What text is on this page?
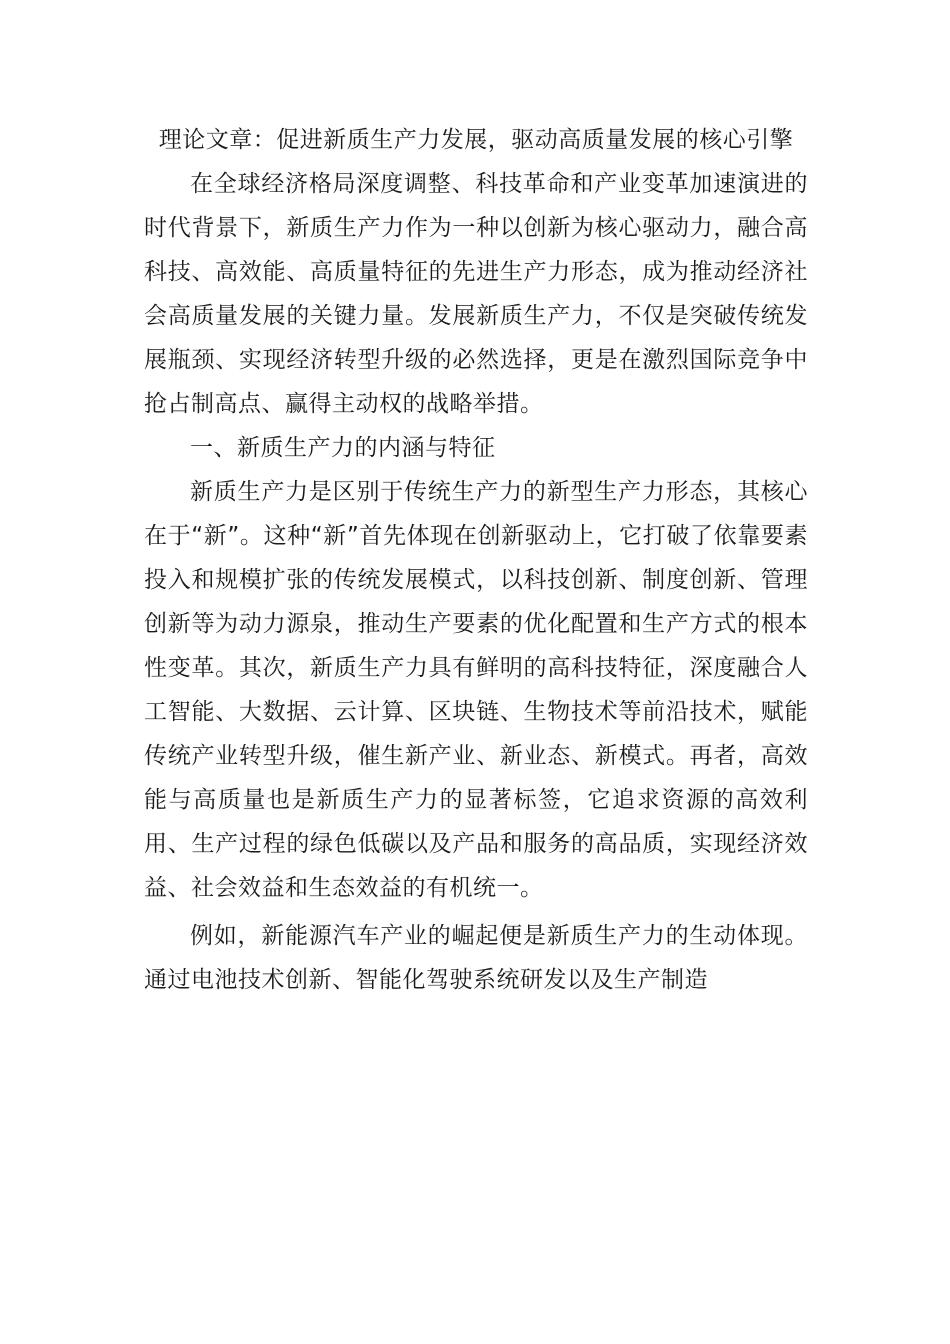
理论文章：促进新质生产力发展，驱动高质量发展的核心引擎

在全球经济格局深度调整、科技革命和产业变革加速演进的时代背景下，新质生产力作为一种以创新为核心驱动力，融合高科技、高效能、高质量特征的先进生产力形态，成为推动经济社会高质量发展的关键力量。发展新质生产力，不仅是突破传统发展瓶颈、实现经济转型升级的必然选择，更是在激烈国际竞争中抢占制高点、赢得主动权的战略举措。

一、新质生产力的内涵与特征

新质生产力是区别于传统生产力的新型生产力形态，其核心在于“新”。这种“新”首先体现在创新驱动上，它打破了依靠要素投入和规模扩张的传统发展模式，以科技创新、制度创新、管理创新等为动力源泉，推动生产要素的优化配置和生产方式的根本性变革。其次，新质生产力具有鲜明的高科技特征，深度融合人工智能、大数据、云计算、区块链、生物技术等前沿技术，赋能传统产业转型升级，催生新产业、新业态、新模式。再者，高效能与高质量也是新质生产力的显著标签，它追求资源的高效利用、生产过程的绿色低碳以及产品和服务的高品质，实现经济效益、社会效益和生态效益的有机统一。

例如，新能源汽车产业的崛起便是新质生产力的生动体现。通过电池技术创新、智能化驾驶系统研发以及生产制造
